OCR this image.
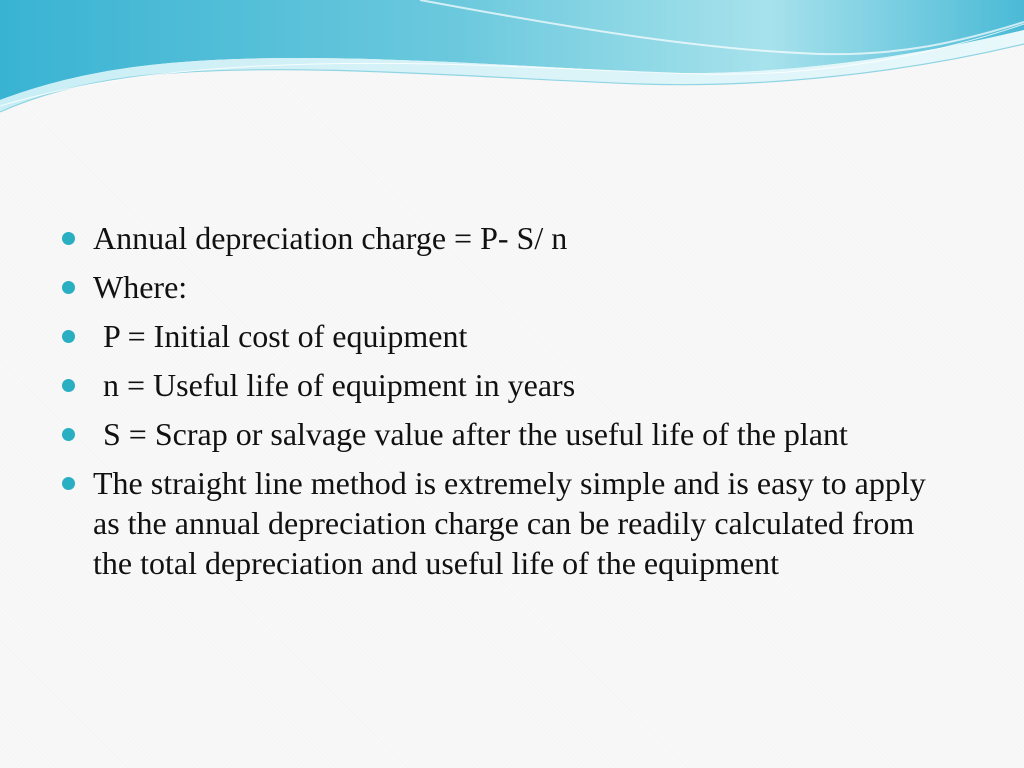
Annual depreciation charge = P- S/ n
Where:
P = Initial cost of equipment
n = Useful life of equipment in years
S = Scrap or salvage value after the useful life of the plant
The straight line method is extremely simple and is easy to apply as the annual depreciation charge can be readily calculated from the total depreciation and useful life of the equipment
